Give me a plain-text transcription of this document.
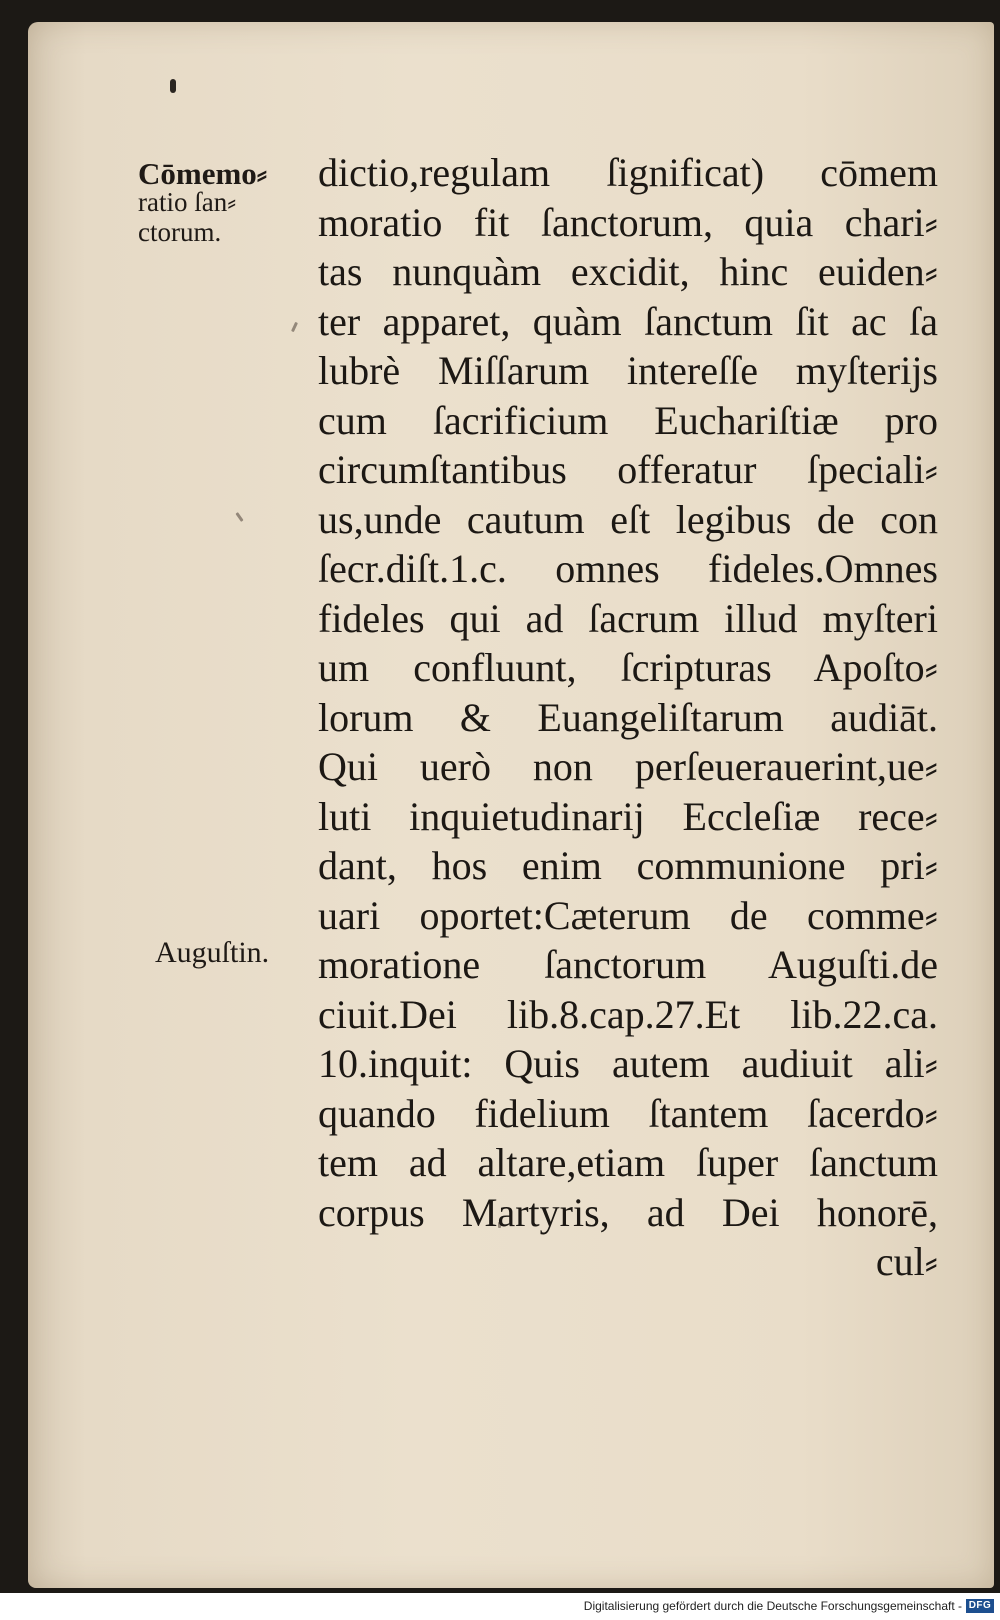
Cōmemo⸗
ratio ſan⸗
ctorum.
Auguſtin.
dictio,regulam ſignificat) cōmem
moratio fit ſanctorum, quia chari⸗
tas nunquàm excidit, hinc euiden⸗
ter apparet, quàm ſanctum ſit ac ſa
lubrè Miſſarum intereſſe myſterijs
cum ſacrificium Euchariſtiæ pro
circumſtantibus offeratur ſpeciali⸗
us,unde cautum eſt legibus de con
ſecr.diſt.1.c. omnes fideles.Omnes
fideles qui ad ſacrum illud myſteri
um confluunt, ſcripturas Apoſto⸗
lorum & Euangeliſtarum audiāt.
Qui uerò non perſeuerauerint,ue⸗
luti inquietudinarij Eccleſiæ rece⸗
dant, hos enim communione pri⸗
uari oportet:Cæterum de comme⸗
moratione ſanctorum Auguſti.de
ciuit.Dei lib.8.cap.27.Et lib.22.ca.
10.inquit: Quis autem audiuit ali⸗
quando fidelium ſtantem ſacerdo⸗
tem ad altare,etiam ſuper ſanctum
corpus Martyris, ad Dei honorē,
cul⸗
Digitalisierung gefördert durch die Deutsche Forschungsgemeinschaft - DFG
